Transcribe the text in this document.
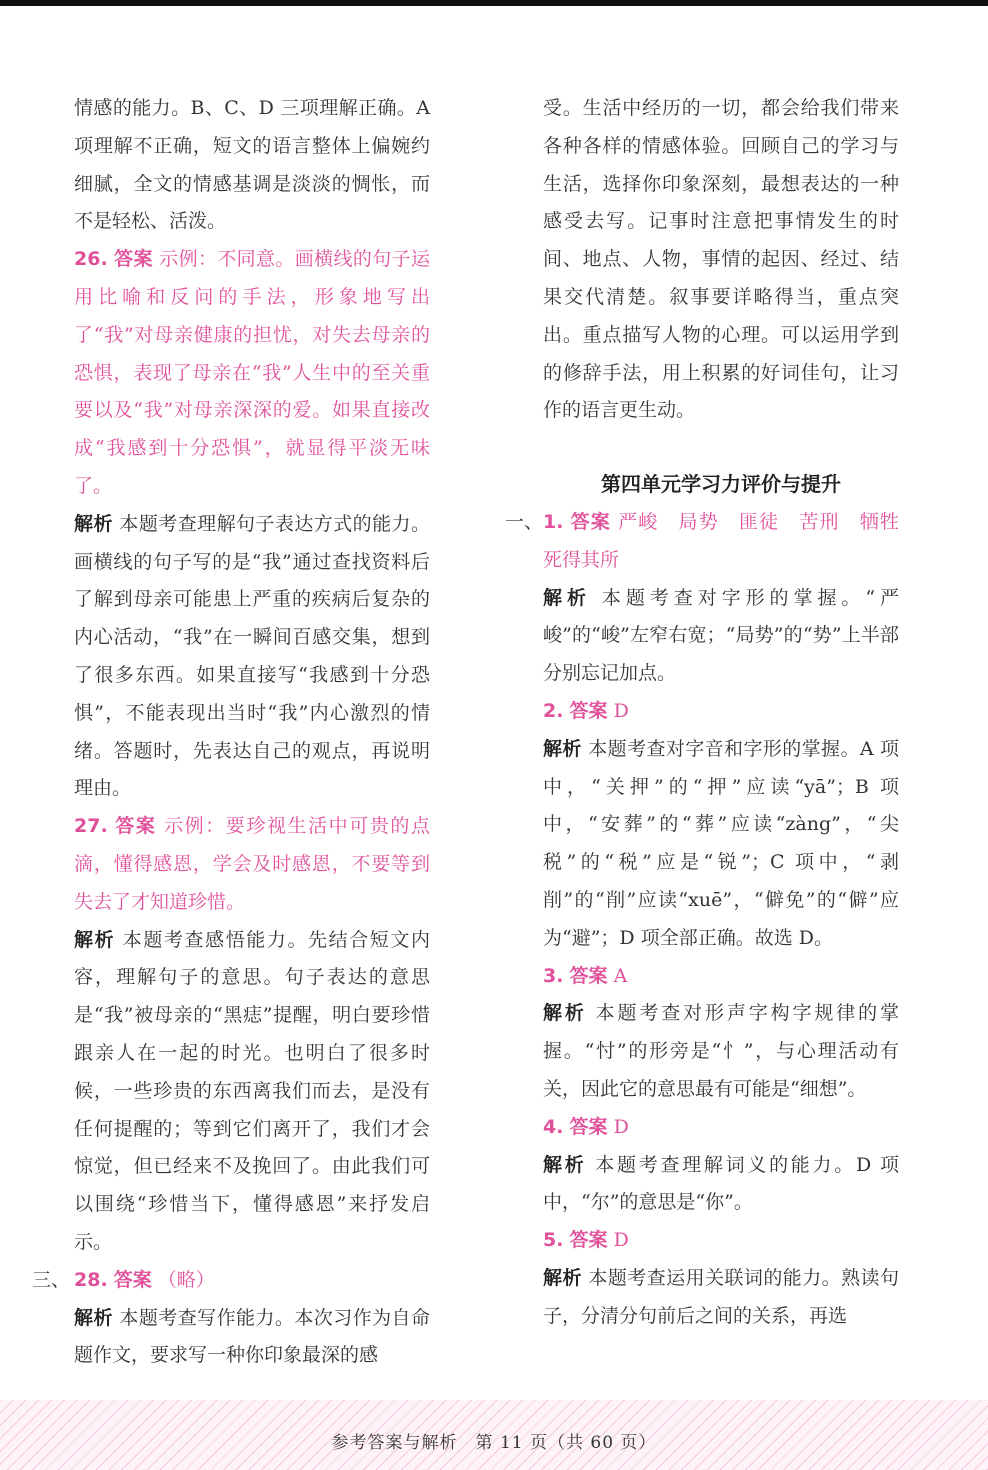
情感的能力。B、C、D 三项理解正确。A 项理解不正确，短文的语言整体上偏婉约细腻，全文的情感基调是淡淡的惆怅，而不是轻松、活泼。

26. 答案 示例：不同意。画横线的句子运用比喻和反问的手法，形象地写出了“我”对母亲健康的担忧，对失去母亲的恐惧，表现了母亲在“我”人生中的至关重要以及“我”对母亲深深的爱。如果直接改成“我感到十分恐惧”，就显得平淡无味了。

解析 本题考查理解句子表达方式的能力。画横线的句子写的是“我”通过查找资料后了解到母亲可能患上严重的疾病后复杂的内心活动，“我”在一瞬间百感交集，想到了很多东西。如果直接写“我感到十分恐惧”，不能表现出当时“我”内心激烈的情绪。答题时，先表达自己的观点，再说明理由。

27. 答案 示例：要珍视生活中可贵的点滴，懂得感恩，学会及时感恩，不要等到失去了才知道珍惜。

解析 本题考查感悟能力。先结合短文内容，理解句子的意思。句子表达的意思是“我”被母亲的“黑痣”提醒，明白要珍惜跟亲人在一起的时光。也明白了很多时候，一些珍贵的东西离我们而去，是没有任何提醒的；等到它们离开了，我们才会惊觉，但已经来不及挽回了。由此我们可以围绕“珍惜当下，懂得感恩”来抒发启示。

三、 28. 答案 （略）

解析 本题考查写作能力。本次习作为自命题作文，要求写一种你印象最深的感

受。生活中经历的一切，都会给我们带来各种各样的情感体验。回顾自己的学习与生活，选择你印象深刻，最想表达的一种感受去写。记事时注意把事情发生的时间、地点、人物，事情的起因、经过、结果交代清楚。叙事要详略得当，重点突出。重点描写人物的心理。可以运用学到的修辞手法，用上积累的好词佳句，让习作的语言更生动。

第四单元学习力评价与提升

一、 1. 答案 严峻　局势　匪徒　苦刑　牺牲　死得其所

解析 本题考查对字形的掌握。“严峻”的“峻”左窄右宽；“局势”的“势”上半部分别忘记加点。

2. 答案 D

解析 本题考查对字音和字形的掌握。A 项中，“关押”的“押”应读“yā”；B 项中，“安葬”的“葬”应读“zàng”，“尖税”的“税”应是“锐”；C 项中，“剥削”的“削”应读“xuē”，“僻免”的“僻”应为“避”；D 项全部正确。故选 D。

3. 答案 A

解析 本题考查对形声字构字规律的掌握。“忖”的形旁是“忄”，与心理活动有关，因此它的意思最有可能是“细想”。

4. 答案 D

解析 本题考查理解词义的能力。D 项中，“尔”的意思是“你”。

5. 答案 D

解析 本题考查运用关联词的能力。熟读句子，分清分句前后之间的关系，再选

参考答案与解析　第 11 页（共 60 页）
